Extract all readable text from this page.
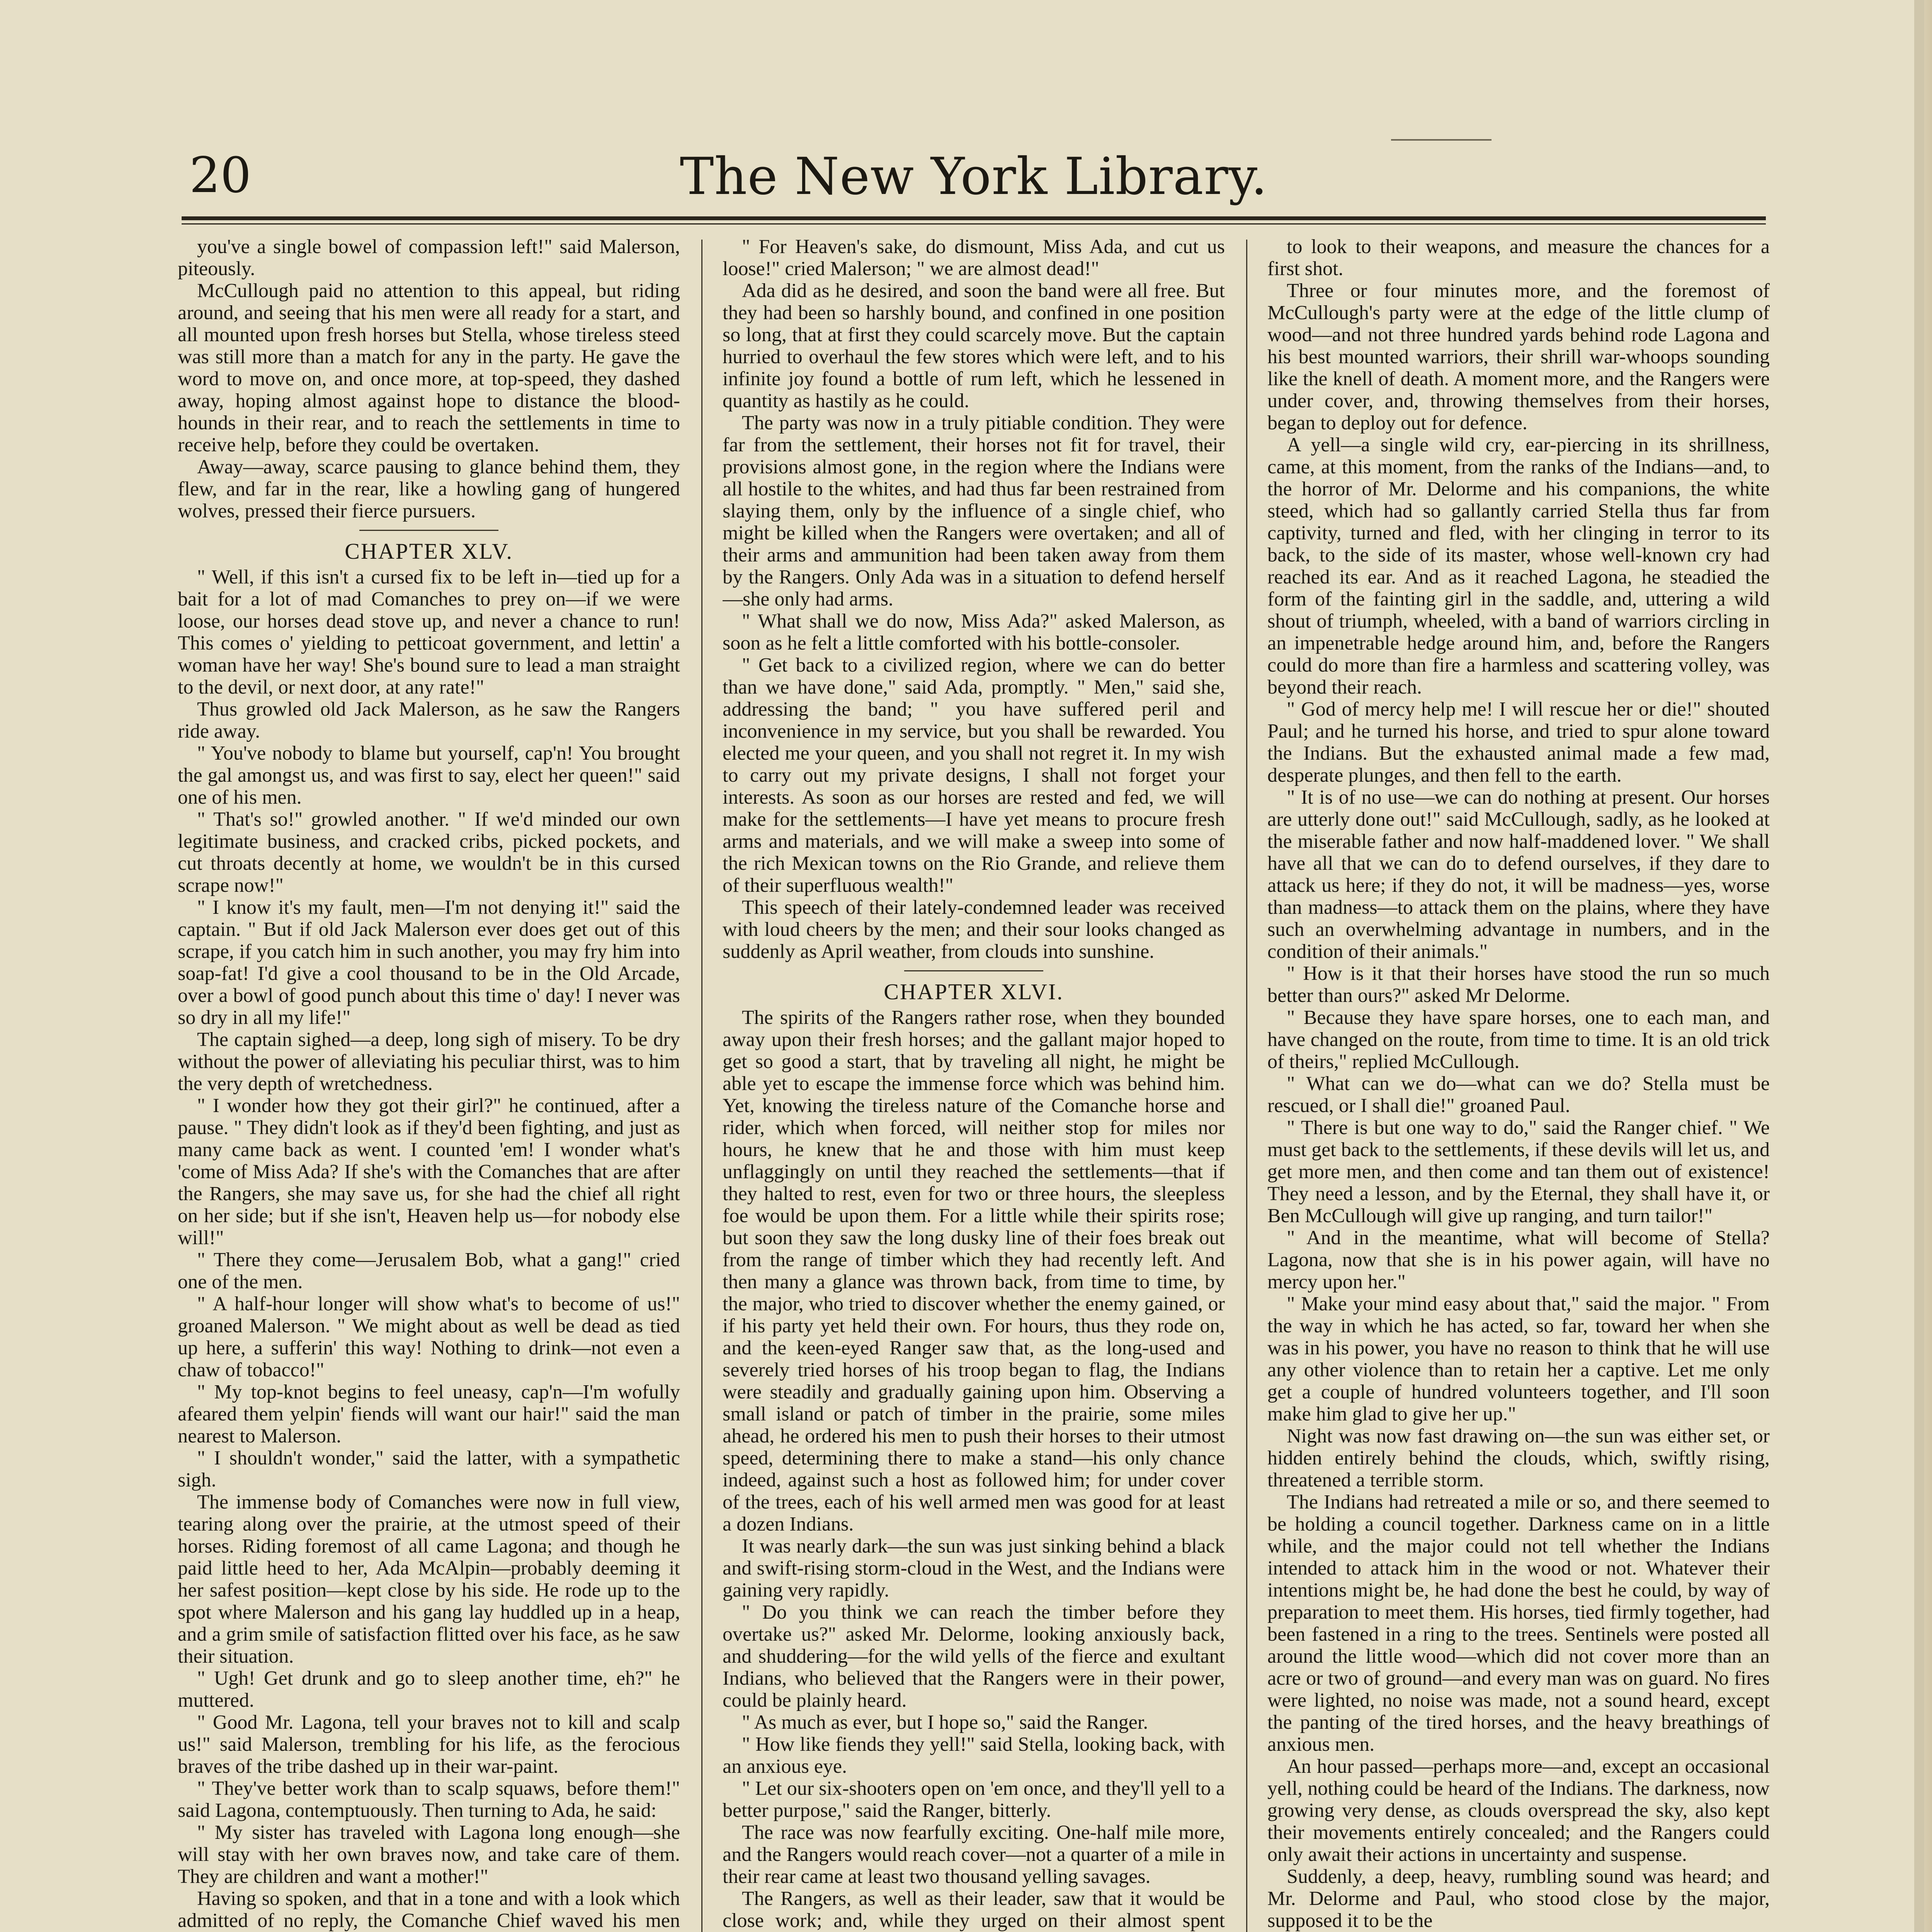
20	The New York Library.

you've a single bowel of compassion left!" said Malerson, piteously.

McCullough paid no attention to this appeal, but riding around, and seeing that his men were all ready for a start, and all mounted upon fresh horses but Stella, whose tireless steed was still more than a match for any in the party. He gave the word to move on, and once more, at top-speed, they dashed away, hoping almost against hope to distance the blood-hounds in their rear, and to reach the settlements in time to receive help, before they could be overtaken.

Away—away, scarce pausing to glance behind them, they flew, and far in the rear, like a howling gang of hungered wolves, pressed their fierce pursuers.

CHAPTER XLV.

" Well, if this isn't a cursed fix to be left in—tied up for a bait for a lot of mad Comanches to prey on—if we were loose, our horses dead stove up, and never a chance to run! This comes o' yielding to petticoat government, and lettin' a woman have her way! She's bound sure to lead a man straight to the devil, or next door, at any rate!"

Thus growled old Jack Malerson, as he saw the Rangers ride away.

" You've nobody to blame but yourself, cap'n! You brought the gal amongst us, and was first to say, elect her queen!" said one of his men.

" That's so!" growled another. " If we'd minded our own legitimate business, and cracked cribs, picked pockets, and cut throats decently at home, we wouldn't be in this cursed scrape now!"

" I know it's my fault, men—I'm not denying it!" said the captain. " But if old Jack Malerson ever does get out of this scrape, if you catch him in such another, you may fry him into soap-fat! I'd give a cool thousand to be in the Old Arcade, over a bowl of good punch about this time o' day! I never was so dry in all my life!"

The captain sighed—a deep, long sigh of misery. To be dry without the power of alleviating his peculiar thirst, was to him the very depth of wretchedness.

" I wonder how they got their girl?" he continued, after a pause. " They didn't look as if they'd been fighting, and just as many came back as went. I counted 'em! I wonder what's 'come of Miss Ada? If she's with the Comanches that are after the Rangers, she may save us, for she had the chief all right on her side; but if she isn't, Heaven help us—for nobody else will!"

" There they come—Jerusalem Bob, what a gang!" cried one of the men.

" A half-hour longer will show what's to become of us!" groaned Malerson. " We might about as well be dead as tied up here, a sufferin' this way! Nothing to drink—not even a chaw of tobacco!"

" My top-knot begins to feel uneasy, cap'n—I'm wofully afeared them yelpin' fiends will want our hair!" said the man nearest to Malerson.

" I shouldn't wonder," said the latter, with a sympathetic sigh.

The immense body of Comanches were now in full view, tearing along over the prairie, at the utmost speed of their horses. Riding foremost of all came Lagona; and though he paid little heed to her, Ada McAlpin—probably deeming it her safest position—kept close by his side. He rode up to the spot where Malerson and his gang lay huddled up in a heap, and a grim smile of satisfaction flitted over his face, as he saw their situation.

" Ugh! Get drunk and go to sleep another time, eh?" he muttered.

" Good Mr. Lagona, tell your braves not to kill and scalp us!" said Malerson, trembling for his life, as the ferocious braves of the tribe dashed up in their war-paint.

" They've better work than to scalp squaws, before them!" said Lagona, contemptuously. Then turning to Ada, he said:

" My sister has traveled with Lagona long enough—she will stay with her own braves now, and take care of them. They are children and want a mother!"

Having so spoken, and that in a tone and with a look which admitted of no reply, the Comanche Chief waved his men

" For Heaven's sake, do dismount, Miss Ada, and cut us loose!" cried Malerson; " we are almost dead!"

Ada did as he desired, and soon the band were all free. But they had been so harshly bound, and confined in one position so long, that at first they could scarcely move. But the captain hurried to overhaul the few stores which were left, and to his infinite joy found a bottle of rum left, which he lessened in quantity as hastily as he could.

The party was now in a truly pitiable condition. They were far from the settlement, their horses not fit for travel, their provisions almost gone, in the region where the Indians were all hostile to the whites, and had thus far been restrained from slaying them, only by the influence of a single chief, who might be killed when the Rangers were overtaken; and all of their arms and ammunition had been taken away from them by the Rangers. Only Ada was in a situation to defend herself—she only had arms.

" What shall we do now, Miss Ada?" asked Malerson, as soon as he felt a little comforted with his bottle-consoler.

" Get back to a civilized region, where we can do better than we have done," said Ada, promptly. " Men," said she, addressing the band; " you have suffered peril and inconvenience in my service, but you shall be rewarded. You elected me your queen, and you shall not regret it. In my wish to carry out my private designs, I shall not forget your interests. As soon as our horses are rested and fed, we will make for the settlements—I have yet means to procure fresh arms and materials, and we will make a sweep into some of the rich Mexican towns on the Rio Grande, and relieve them of their superfluous wealth!"

This speech of their lately-condemned leader was received with loud cheers by the men; and their sour looks changed as suddenly as April weather, from clouds into sunshine.

CHAPTER XLVI.

The spirits of the Rangers rather rose, when they bounded away upon their fresh horses; and the gallant major hoped to get so good a start, that by traveling all night, he might be able yet to escape the immense force which was behind him. Yet, knowing the tireless nature of the Comanche horse and rider, which when forced, will neither stop for miles nor hours, he knew that he and those with him must keep unflaggingly on until they reached the settlements—that if they halted to rest, even for two or three hours, the sleepless foe would be upon them. For a little while their spirits rose; but soon they saw the long dusky line of their foes break out from the range of timber which they had recently left. And then many a glance was thrown back, from time to time, by the major, who tried to discover whether the enemy gained, or if his party yet held their own. For hours, thus they rode on, and the keen-eyed Ranger saw that, as the long-used and severely tried horses of his troop began to flag, the Indians were steadily and gradually gaining upon him. Observing a small island or patch of timber in the prairie, some miles ahead, he ordered his men to push their horses to their utmost speed, determining there to make a stand—his only chance indeed, against such a host as followed him; for under cover of the trees, each of his well armed men was good for at least a dozen Indians.

It was nearly dark—the sun was just sinking behind a black and swift-rising storm-cloud in the West, and the Indians were gaining very rapidly.

" Do you think we can reach the timber before they overtake us?" asked Mr. Delorme, looking anxiously back, and shuddering—for the wild yells of the fierce and exultant Indians, who believed that the Rangers were in their power, could be plainly heard.

" As much as ever, but I hope so," said the Ranger.

" How like fiends they yell!" said Stella, looking back, with an anxious eye.

" Let our six-shooters open on 'em once, and they'll yell to a better purpose," said the Ranger, bitterly.

The race was now fearfully exciting. One-half mile more, and the Rangers would reach cover—not a quarter of a mile in their rear came at least two thousand yelling savages.

The Rangers, as well as their leader, saw that it would be close work; and, while they urged on their almost spent

to look to their weapons, and measure the chances for a first shot.

Three or four minutes more, and the foremost of McCullough's party were at the edge of the little clump of wood—and not three hundred yards behind rode Lagona and his best mounted warriors, their shrill war-whoops sounding like the knell of death. A moment more, and the Rangers were under cover, and, throwing themselves from their horses, began to deploy out for defence.

A yell—a single wild cry, ear-piercing in its shrillness, came, at this moment, from the ranks of the Indians—and, to the horror of Mr. Delorme and his companions, the white steed, which had so gallantly carried Stella thus far from captivity, turned and fled, with her clinging in terror to its back, to the side of its master, whose well-known cry had reached its ear. And as it reached Lagona, he steadied the form of the fainting girl in the saddle, and, uttering a wild shout of triumph, wheeled, with a band of warriors circling in an impenetrable hedge around him, and, before the Rangers could do more than fire a harmless and scattering volley, was beyond their reach.

" God of mercy help me! I will rescue her or die!" shouted Paul; and he turned his horse, and tried to spur alone toward the Indians. But the exhausted animal made a few mad, desperate plunges, and then fell to the earth.

" It is of no use—we can do nothing at present. Our horses are utterly done out!" said McCullough, sadly, as he looked at the miserable father and now half-maddened lover. " We shall have all that we can do to defend ourselves, if they dare to attack us here; if they do not, it will be madness—yes, worse than madness—to attack them on the plains, where they have such an overwhelming advantage in numbers, and in the condition of their animals."

" How is it that their horses have stood the run so much better than ours?" asked Mr Delorme.

" Because they have spare horses, one to each man, and have changed on the route, from time to time. It is an old trick of theirs," replied McCullough.

" What can we do—what can we do? Stella must be rescued, or I shall die!" groaned Paul.

" There is but one way to do," said the Ranger chief. " We must get back to the settlements, if these devils will let us, and get more men, and then come and tan them out of existence! They need a lesson, and by the Eternal, they shall have it, or Ben McCullough will give up ranging, and turn tailor!"

" And in the meantime, what will become of Stella? Lagona, now that she is in his power again, will have no mercy upon her."

" Make your mind easy about that," said the major. " From the way in which he has acted, so far, toward her when she was in his power, you have no reason to think that he will use any other violence than to retain her a captive. Let me only get a couple of hundred volunteers together, and I'll soon make him glad to give her up."

Night was now fast drawing on—the sun was either set, or hidden entirely behind the clouds, which, swiftly rising, threatened a terrible storm.

The Indians had retreated a mile or so, and there seemed to be holding a council together. Darkness came on in a little while, and the major could not tell whether the Indians intended to attack him in the wood or not. Whatever their intentions might be, he had done the best he could, by way of preparation to meet them. His horses, tied firmly together, had been fastened in a ring to the trees. Sentinels were posted all around the little wood—which did not cover more than an acre or two of ground—and every man was on guard. No fires were lighted, no noise was made, not a sound heard, except the panting of the tired horses, and the heavy breathings of anxious men.

An hour passed—perhaps more—and, except an occasional yell, nothing could be heard of the Indians. The darkness, now growing very dense, as clouds overspread the sky, also kept their movements entirely concealed; and the Rangers could only await their actions in uncertainty and suspense.

Suddenly, a deep, heavy, rumbling sound was heard; and Mr. Delorme and Paul, who stood close by the major, supposed it to be the
